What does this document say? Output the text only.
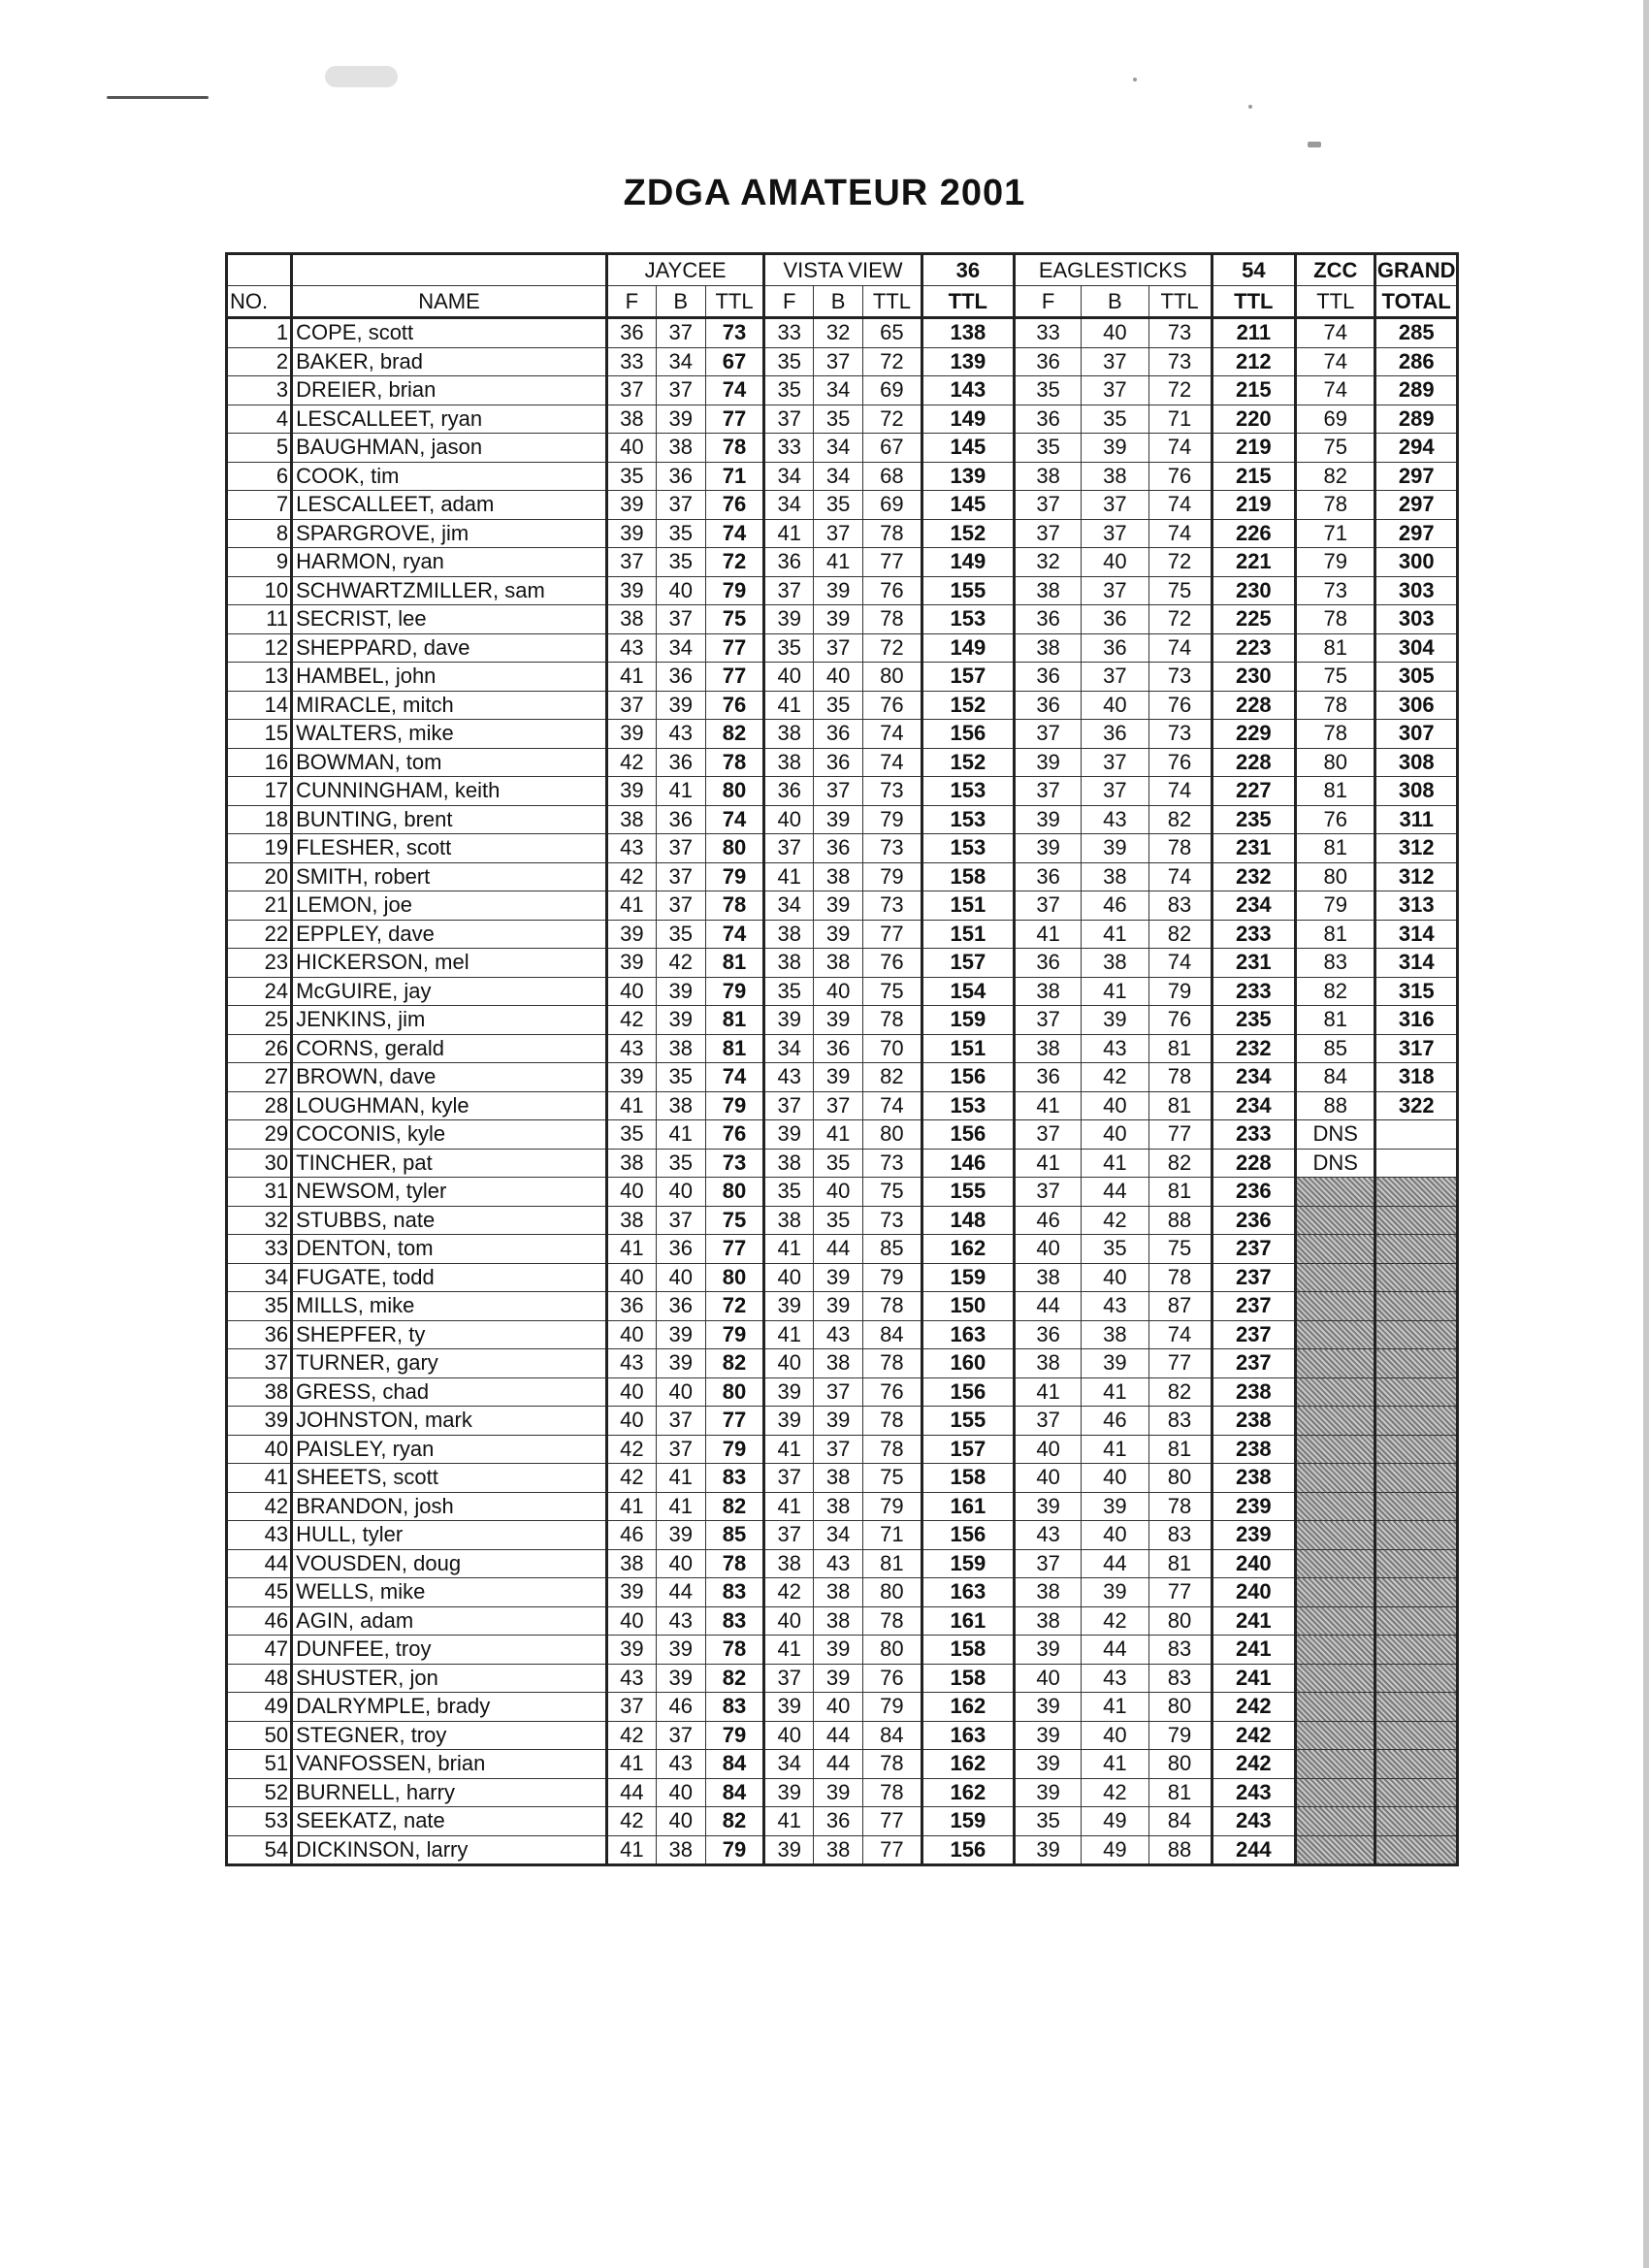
ZDGA AMATEUR 2001
		JAYCEE			VISTA VIEW			36	EAGLESTICKS			54	ZCC	GRAND
NO.	NAME	F	B	TTL	F	B	TTL	TTL	F	B	TTL	TTL	TTL	TOTAL
1	COPE, scott	36	37	73	33	32	65	138	33	40	73	211	74	285
2	BAKER, brad	33	34	67	35	37	72	139	36	37	73	212	74	286
3	DREIER, brian	37	37	74	35	34	69	143	35	37	72	215	74	289
4	LESCALLEET, ryan	38	39	77	37	35	72	149	36	35	71	220	69	289
5	BAUGHMAN, jason	40	38	78	33	34	67	145	35	39	74	219	75	294
6	COOK, tim	35	36	71	34	34	68	139	38	38	76	215	82	297
7	LESCALLEET, adam	39	37	76	34	35	69	145	37	37	74	219	78	297
8	SPARGROVE, jim	39	35	74	41	37	78	152	37	37	74	226	71	297
9	HARMON, ryan	37	35	72	36	41	77	149	32	40	72	221	79	300
10	SCHWARTZMILLER, sam	39	40	79	37	39	76	155	38	37	75	230	73	303
11	SECRIST, lee	38	37	75	39	39	78	153	36	36	72	225	78	303
12	SHEPPARD, dave	43	34	77	35	37	72	149	38	36	74	223	81	304
13	HAMBEL, john	41	36	77	40	40	80	157	36	37	73	230	75	305
14	MIRACLE, mitch	37	39	76	41	35	76	152	36	40	76	228	78	306
15	WALTERS, mike	39	43	82	38	36	74	156	37	36	73	229	78	307
16	BOWMAN, tom	42	36	78	38	36	74	152	39	37	76	228	80	308
17	CUNNINGHAM, keith	39	41	80	36	37	73	153	37	37	74	227	81	308
18	BUNTING, brent	38	36	74	40	39	79	153	39	43	82	235	76	311
19	FLESHER, scott	43	37	80	37	36	73	153	39	39	78	231	81	312
20	SMITH, robert	42	37	79	41	38	79	158	36	38	74	232	80	312
21	LEMON, joe	41	37	78	34	39	73	151	37	46	83	234	79	313
22	EPPLEY, dave	39	35	74	38	39	77	151	41	41	82	233	81	314
23	HICKERSON, mel	39	42	81	38	38	76	157	36	38	74	231	83	314
24	McGUIRE, jay	40	39	79	35	40	75	154	38	41	79	233	82	315
25	JENKINS, jim	42	39	81	39	39	78	159	37	39	76	235	81	316
26	CORNS, gerald	43	38	81	34	36	70	151	38	43	81	232	85	317
27	BROWN, dave	39	35	74	43	39	82	156	36	42	78	234	84	318
28	LOUGHMAN, kyle	41	38	79	37	37	74	153	41	40	81	234	88	322
29	COCONIS, kyle	35	41	76	39	41	80	156	37	40	77	233	DNS	
30	TINCHER, pat	38	35	73	38	35	73	146	41	41	82	228	DNS	
31	NEWSOM, tyler	40	40	80	35	40	75	155	37	44	81	236		
32	STUBBS, nate	38	37	75	38	35	73	148	46	42	88	236		
33	DENTON, tom	41	36	77	41	44	85	162	40	35	75	237		
34	FUGATE, todd	40	40	80	40	39	79	159	38	40	78	237		
35	MILLS, mike	36	36	72	39	39	78	150	44	43	87	237		
36	SHEPFER, ty	40	39	79	41	43	84	163	36	38	74	237		
37	TURNER, gary	43	39	82	40	38	78	160	38	39	77	237		
38	GRESS, chad	40	40	80	39	37	76	156	41	41	82	238		
39	JOHNSTON, mark	40	37	77	39	39	78	155	37	46	83	238		
40	PAISLEY, ryan	42	37	79	41	37	78	157	40	41	81	238		
41	SHEETS, scott	42	41	83	37	38	75	158	40	40	80	238		
42	BRANDON, josh	41	41	82	41	38	79	161	39	39	78	239		
43	HULL, tyler	46	39	85	37	34	71	156	43	40	83	239		
44	VOUSDEN, doug	38	40	78	38	43	81	159	37	44	81	240		
45	WELLS, mike	39	44	83	42	38	80	163	38	39	77	240		
46	AGIN, adam	40	43	83	40	38	78	161	38	42	80	241		
47	DUNFEE, troy	39	39	78	41	39	80	158	39	44	83	241		
48	SHUSTER, jon	43	39	82	37	39	76	158	40	43	83	241		
49	DALRYMPLE, brady	37	46	83	39	40	79	162	39	41	80	242		
50	STEGNER, troy	42	37	79	40	44	84	163	39	40	79	242		
51	VANFOSSEN, brian	41	43	84	34	44	78	162	39	41	80	242		
52	BURNELL, harry	44	40	84	39	39	78	162	39	42	81	243		
53	SEEKATZ, nate	42	40	82	41	36	77	159	35	49	84	243		
54	DICKINSON, larry	41	38	79	39	38	77	156	39	49	88	244		
